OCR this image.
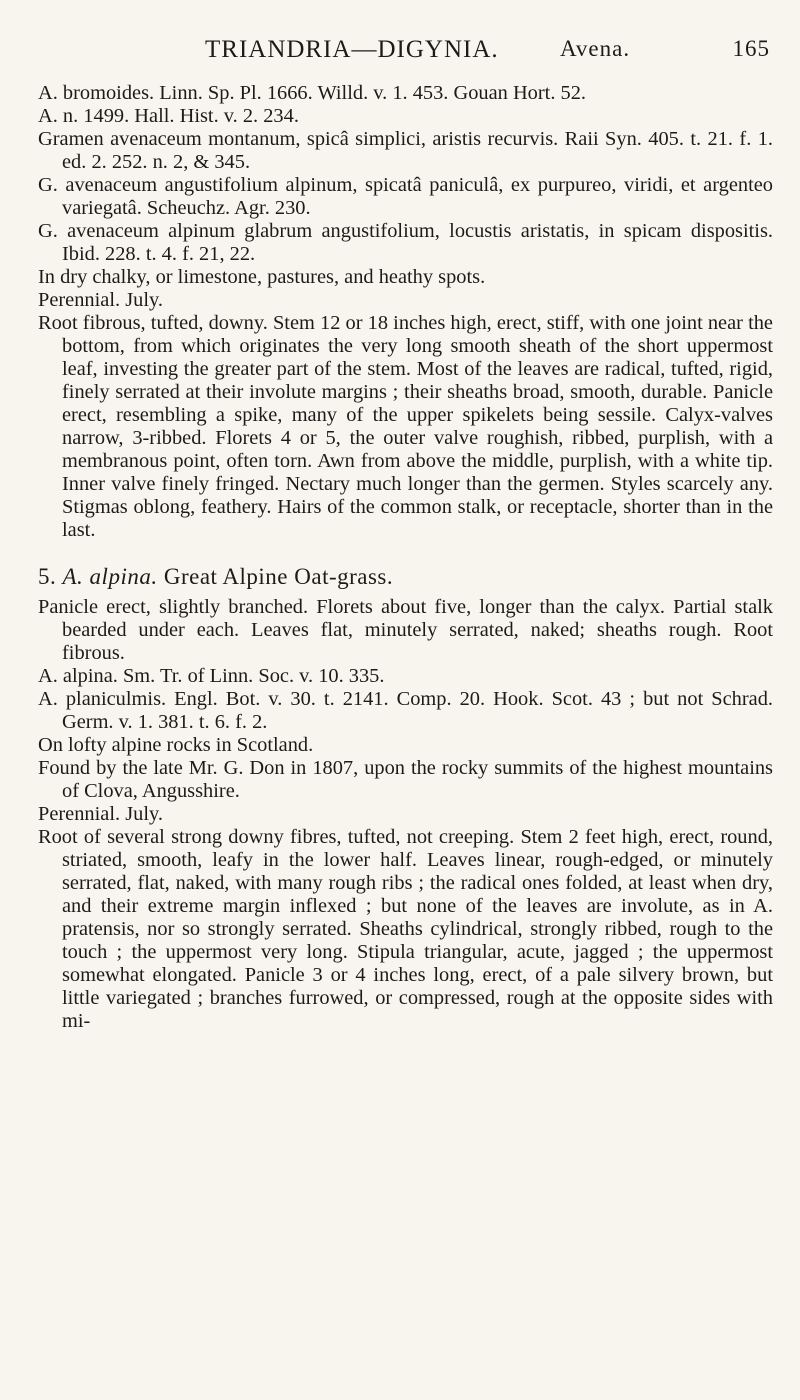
TRIANDRIA—DIGYNIA.	Avena.	165

A. bromoides. Linn. Sp. Pl. 1666. Willd. v. 1. 453. Gouan Hort. 52.

A. n. 1499. Hall. Hist. v. 2. 234.

Gramen avenaceum montanum, spicâ simplici, aristis recurvis. Raii Syn. 405. t. 21. f. 1. ed. 2. 252. n. 2, & 345.

G. avenaceum angustifolium alpinum, spicatâ paniculâ, ex purpureo, viridi, et argenteo variegatâ. Scheuchz. Agr. 230.

G. avenaceum alpinum glabrum angustifolium, locustis aristatis, in spicam dispositis. Ibid. 228. t. 4. f. 21, 22.

In dry chalky, or limestone, pastures, and heathy spots.

Perennial. July.

Root fibrous, tufted, downy. Stem 12 or 18 inches high, erect, stiff, with one joint near the bottom, from which originates the very long smooth sheath of the short uppermost leaf, investing the greater part of the stem. Most of the leaves are radical, tufted, rigid, finely serrated at their involute margins ; their sheaths broad, smooth, durable. Panicle erect, resembling a spike, many of the upper spikelets being sessile. Calyx-valves narrow, 3-ribbed. Florets 4 or 5, the outer valve roughish, ribbed, purplish, with a membranous point, often torn. Awn from above the middle, purplish, with a white tip. Inner valve finely fringed. Nectary much longer than the germen. Styles scarcely any. Stigmas oblong, feathery. Hairs of the common stalk, or receptacle, shorter than in the last.

5. A. alpina. Great Alpine Oat-grass.

Panicle erect, slightly branched. Florets about five, longer than the calyx. Partial stalk bearded under each. Leaves flat, minutely serrated, naked; sheaths rough. Root fibrous.

A. alpina. Sm. Tr. of Linn. Soc. v. 10. 335.

A. planiculmis. Engl. Bot. v. 30. t. 2141. Comp. 20. Hook. Scot. 43 ; but not Schrad. Germ. v. 1. 381. t. 6. f. 2.

On lofty alpine rocks in Scotland.

Found by the late Mr. G. Don in 1807, upon the rocky summits of the highest mountains of Clova, Angusshire.

Perennial. July.

Root of several strong downy fibres, tufted, not creeping. Stem 2 feet high, erect, round, striated, smooth, leafy in the lower half. Leaves linear, rough-edged, or minutely serrated, flat, naked, with many rough ribs ; the radical ones folded, at least when dry, and their extreme margin inflexed ; but none of the leaves are involute, as in A. pratensis, nor so strongly serrated. Sheaths cylindrical, strongly ribbed, rough to the touch ; the uppermost very long. Stipula triangular, acute, jagged ; the uppermost somewhat elongated. Panicle 3 or 4 inches long, erect, of a pale silvery brown, but little variegated ; branches furrowed, or compressed, rough at the opposite sides with mi-
